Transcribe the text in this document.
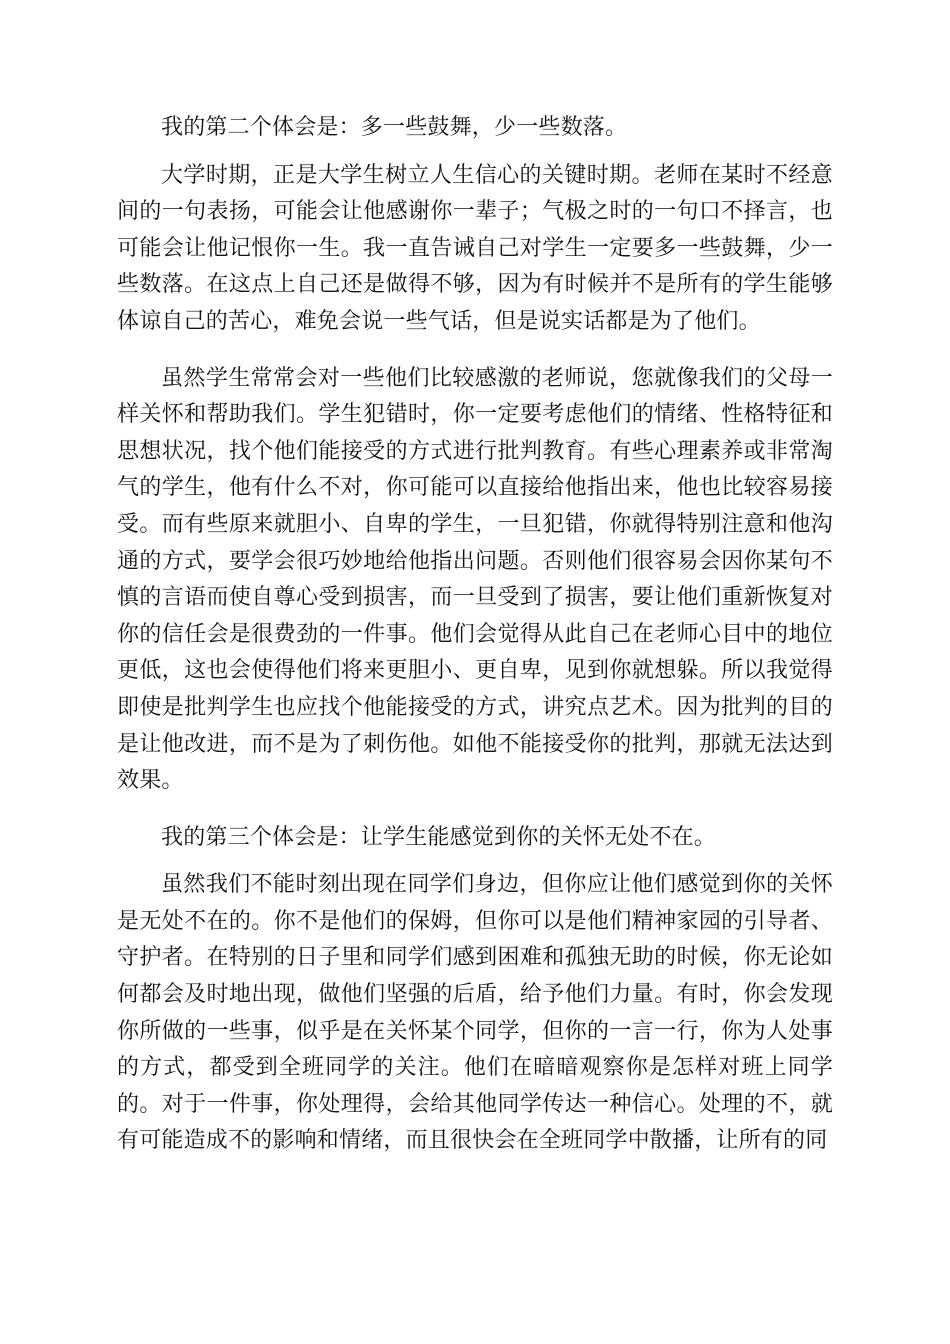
我的第二个体会是：多一些鼓舞，少一些数落。

大学时期，正是大学生树立人生信心的关键时期。老师在某时不经意间的一句表扬，可能会让他感谢你一辈子；气极之时的一句口不择言，也可能会让他记恨你一生。我一直告诫自己对学生一定要多一些鼓舞，少一些数落。在这点上自己还是做得不够，因为有时候并不是所有的学生能够体谅自己的苦心，难免会说一些气话，但是说实话都是为了他们。

虽然学生常常会对一些他们比较感激的老师说，您就像我们的父母一样关怀和帮助我们。学生犯错时，你一定要考虑他们的情绪、性格特征和思想状况，找个他们能接受的方式进行批判教育。有些心理素养或非常淘气的学生，他有什么不对，你可能可以直接给他指出来，他也比较容易接受。而有些原来就胆小、自卑的学生，一旦犯错，你就得特别注意和他沟通的方式，要学会很巧妙地给他指出问题。否则他们很容易会因你某句不慎的言语而使自尊心受到损害，而一旦受到了损害，要让他们重新恢复对你的信任会是很费劲的一件事。他们会觉得从此自己在老师心目中的地位更低，这也会使得他们将来更胆小、更自卑，见到你就想躲。所以我觉得即使是批判学生也应找个他能接受的方式，讲究点艺术。因为批判的目的是让他改进，而不是为了刺伤他。如他不能接受你的批判，那就无法达到效果。

我的第三个体会是：让学生能感觉到你的关怀无处不在。

虽然我们不能时刻出现在同学们身边，但你应让他们感觉到你的关怀是无处不在的。你不是他们的保姆，但你可以是他们精神家园的引导者、守护者。在特别的日子里和同学们感到困难和孤独无助的时候，你无论如何都会及时地出现，做他们坚强的后盾，给予他们力量。有时，你会发现你所做的一些事，似乎是在关怀某个同学，但你的一言一行，你为人处事的方式，都受到全班同学的关注。他们在暗暗观察你是怎样对班上同学的。对于一件事，你处理得，会给其他同学传达一种信心。处理的不，就有可能造成不的影响和情绪，而且很快会在全班同学中散播，让所有的同
